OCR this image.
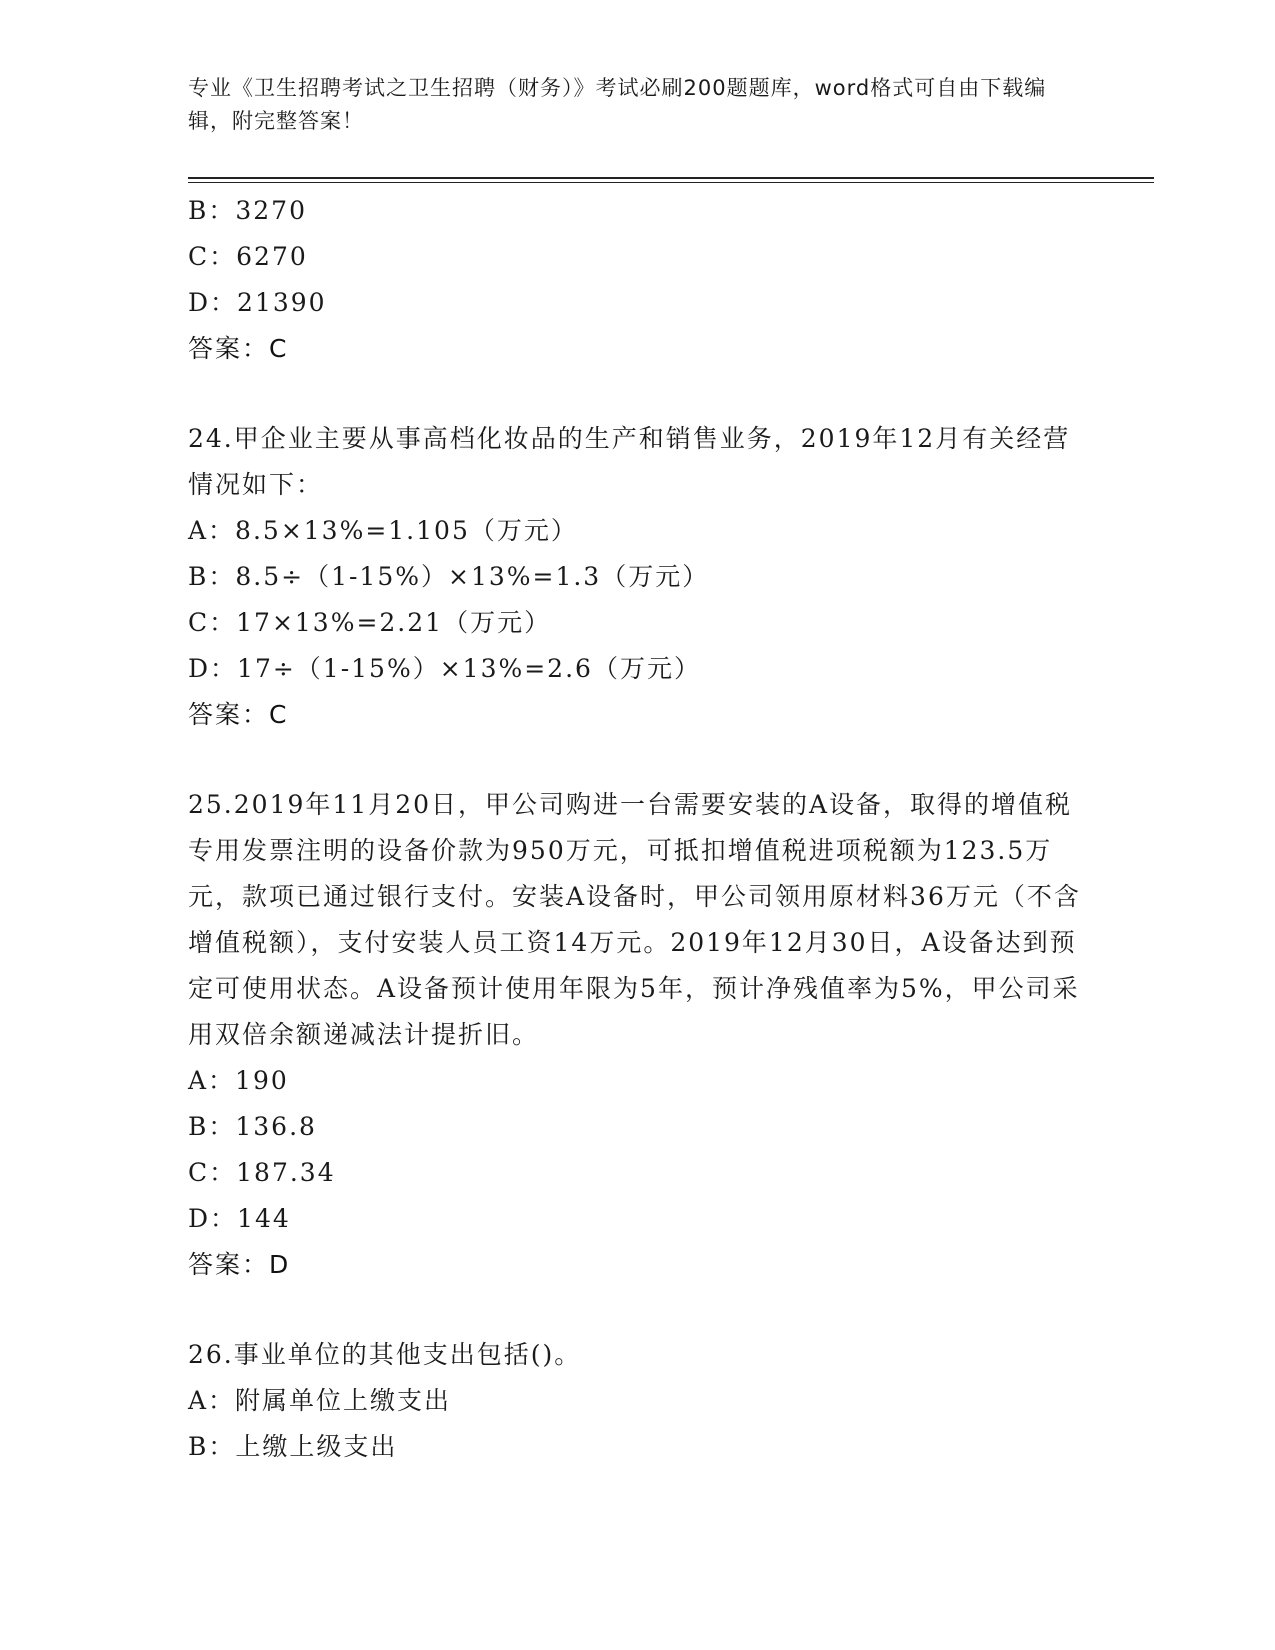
专业《卫生招聘考试之卫生招聘（财务）》考试必刷200题题库，word格式可自由下载编辑，附完整答案！
B：3270
C：6270
D：21390
答案：C
24.甲企业主要从事高档化妆品的生产和销售业务，2019年12月有关经营情况如下：
A：8.5×13%=1.105（万元）
B：8.5÷（1-15%）×13%=1.3（万元）
C：17×13%=2.21（万元）
D：17÷（1-15%）×13%=2.6（万元）
答案：C
25.2019年11月20日，甲公司购进一台需要安装的A设备，取得的增值税专用发票注明的设备价款为950万元，可抵扣增值税进项税额为123.5万元，款项已通过银行支付。安装A设备时，甲公司领用原材料36万元（不含增值税额），支付安装人员工资14万元。2019年12月30日，A设备达到预定可使用状态。A设备预计使用年限为5年，预计净残值率为5%，甲公司采用双倍余额递减法计提折旧。
A：190
B：136.8
C：187.34
D：144
答案：D
26.事业单位的其他支出包括()。
A：附属单位上缴支出
B：上缴上级支出
